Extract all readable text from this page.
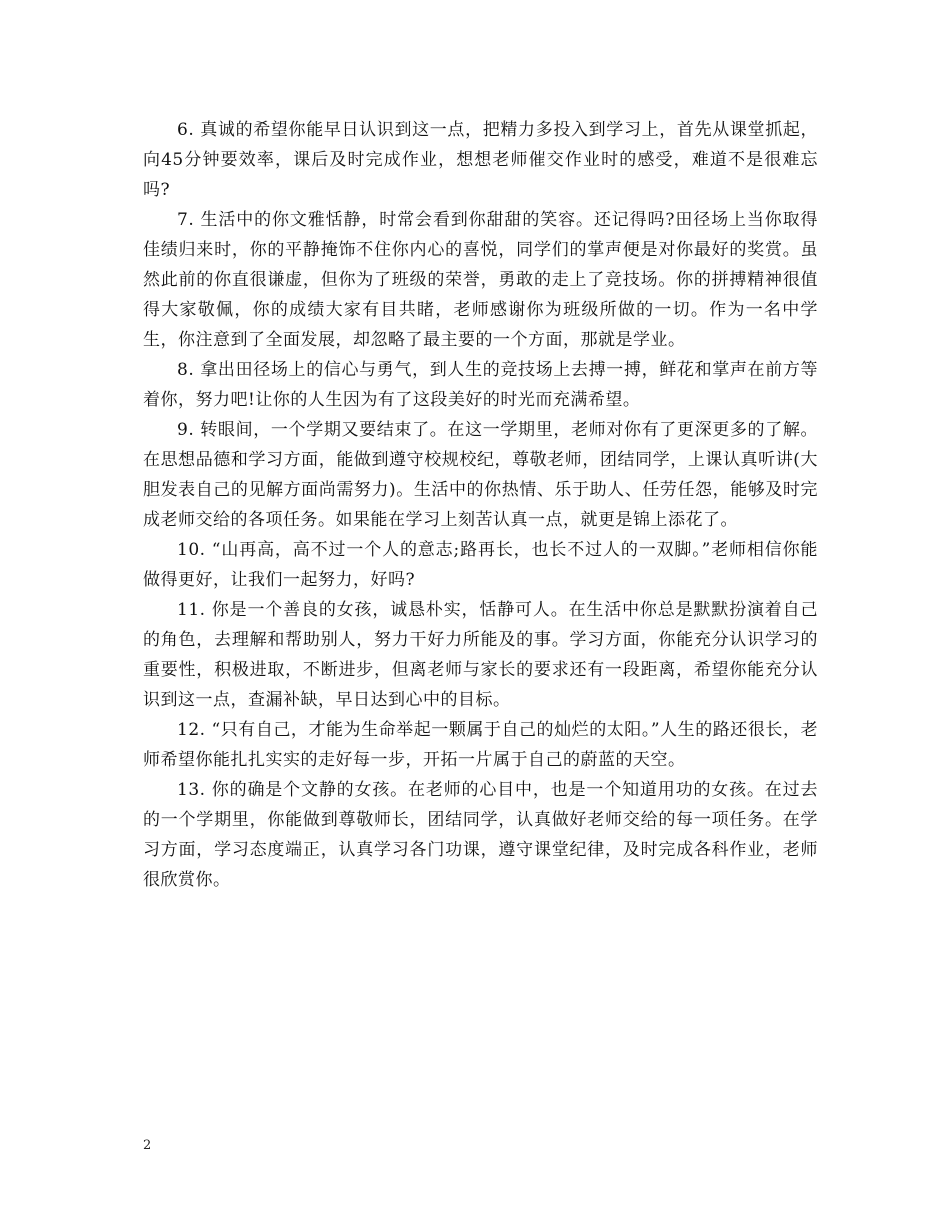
6. 真诚的希望你能早日认识到这一点，把精力多投入到学习上，首先从课堂抓起，向45分钟要效率，课后及时完成作业，想想老师催交作业时的感受，难道不是很难忘吗?

7. 生活中的你文雅恬静，时常会看到你甜甜的笑容。还记得吗?田径场上当你取得佳绩归来时，你的平静掩饰不住你内心的喜悦，同学们的掌声便是对你最好的奖赏。虽然此前的你直很谦虚，但你为了班级的荣誉，勇敢的走上了竞技场。你的拼搏精神很值得大家敬佩，你的成绩大家有目共睹，老师感谢你为班级所做的一切。作为一名中学生，你注意到了全面发展，却忽略了最主要的一个方面，那就是学业。

8. 拿出田径场上的信心与勇气，到人生的竞技场上去搏一搏，鲜花和掌声在前方等着你，努力吧!让你的人生因为有了这段美好的时光而充满希望。

9. 转眼间，一个学期又要结束了。在这一学期里，老师对你有了更深更多的了解。在思想品德和学习方面，能做到遵守校规校纪，尊敬老师，团结同学，上课认真听讲(大胆发表自己的见解方面尚需努力)。生活中的你热情、乐于助人、任劳任怨，能够及时完成老师交给的各项任务。如果能在学习上刻苦认真一点，就更是锦上添花了。

10. “山再高，高不过一个人的意志;路再长，也长不过人的一双脚。”老师相信你能做得更好，让我们一起努力，好吗?

11. 你是一个善良的女孩，诚恳朴实，恬静可人。在生活中你总是默默扮演着自己的角色，去理解和帮助别人，努力干好力所能及的事。学习方面，你能充分认识学习的重要性，积极进取，不断进步，但离老师与家长的要求还有一段距离，希望你能充分认识到这一点，查漏补缺，早日达到心中的目标。

12. “只有自己，才能为生命举起一颗属于自己的灿烂的太阳。”人生的路还很长，老师希望你能扎扎实实的走好每一步，开拓一片属于自己的蔚蓝的天空。

13. 你的确是个文静的女孩。在老师的心目中，也是一个知道用功的女孩。在过去的一个学期里，你能做到尊敬师长，团结同学，认真做好老师交给的每一项任务。在学习方面，学习态度端正，认真学习各门功课，遵守课堂纪律，及时完成各科作业，老师很欣赏你。

2
